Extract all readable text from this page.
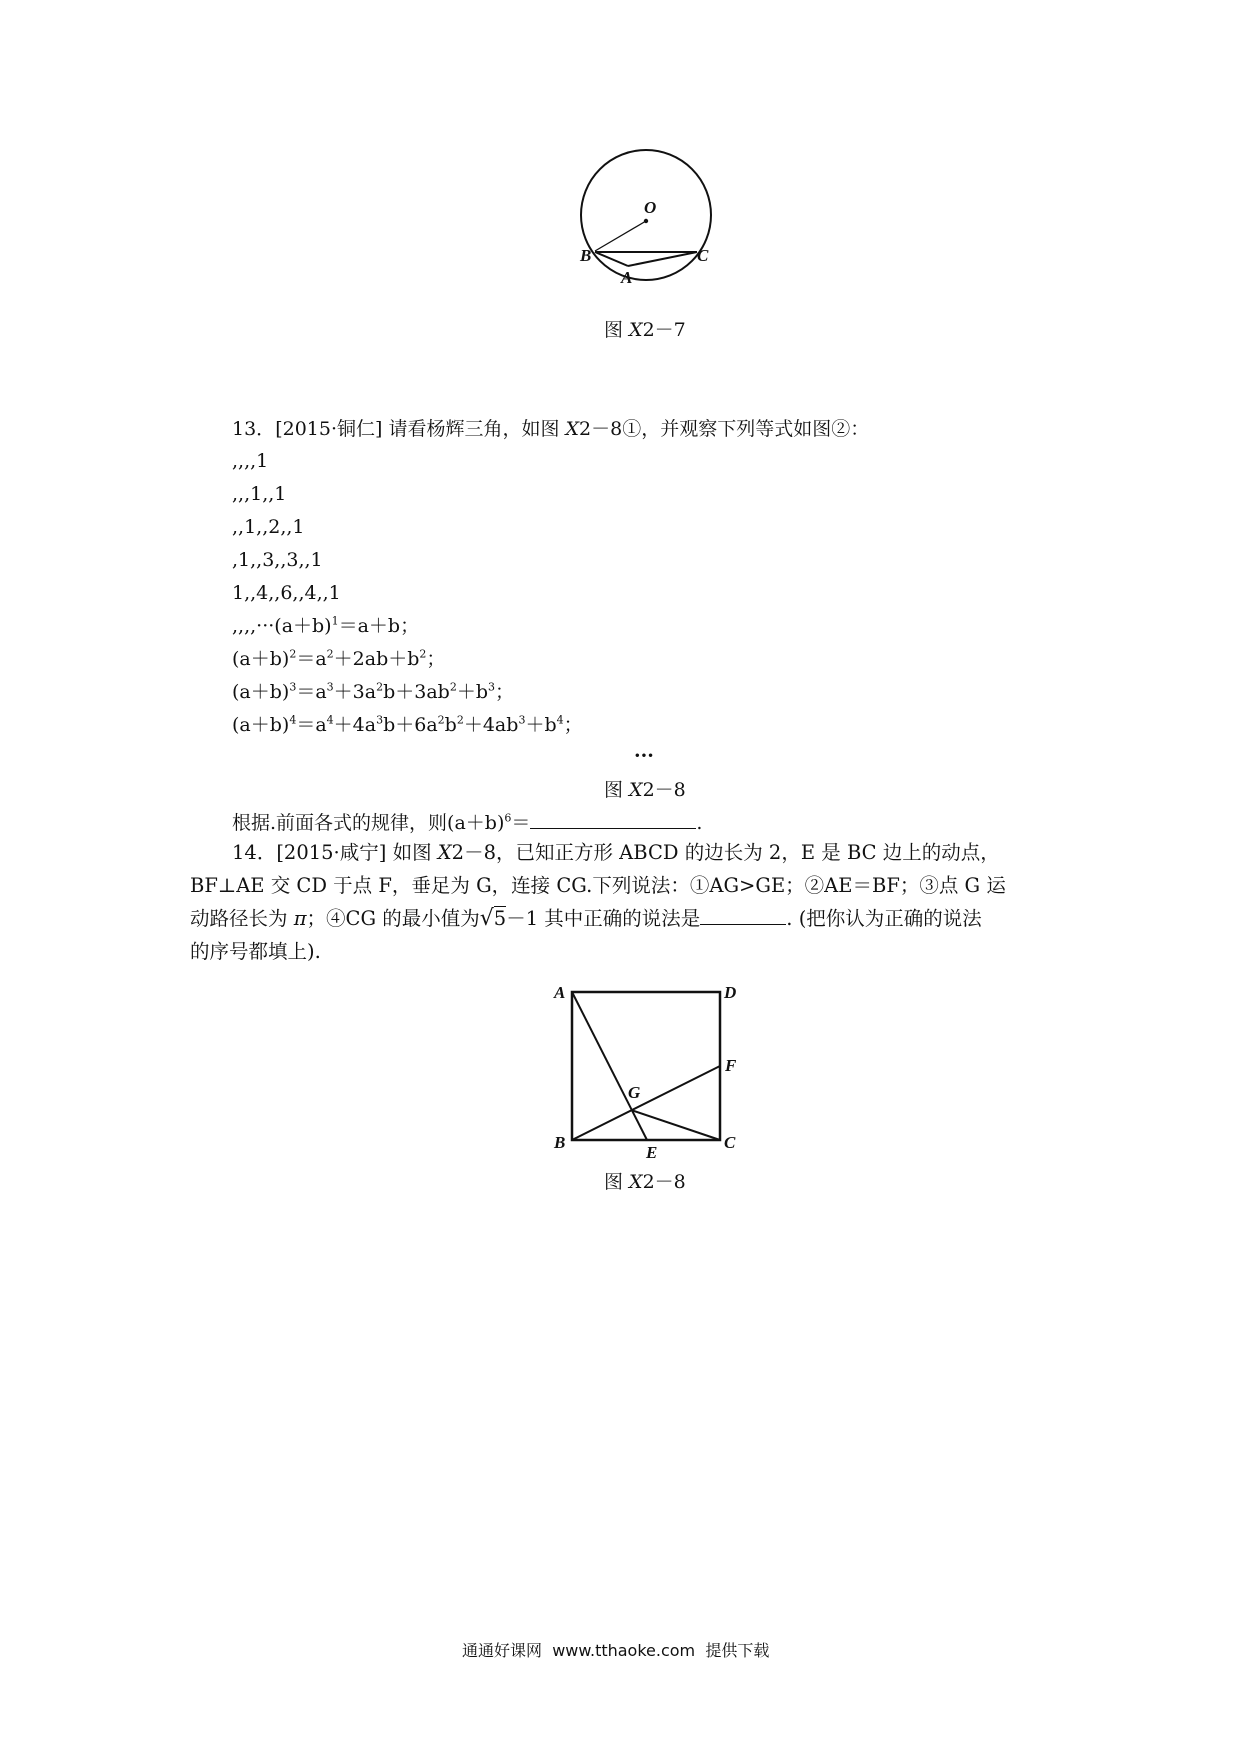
O
B	C
A
图 X2－7
13．[2015·铜仁] 请看杨辉三角，如图 X2－8①，并观察下列等式如图②：
,,,,1
,,,1,,1
,,1,,2,,1
,1,,3,,3,,1
1,,4,,6,,4,,1
$,,,,\cdot\cdot\cdot(a+b)^1=a+b$；
$(a+b)^2=a^2+2ab+b^2$；
$(a+b)^3=a^3+3a^2b+3ab^2+b^3$；
$(a+b)^4=a^4+4a^3b+6a^2b^2+4ab^3+b^4$；
···
图 X2－8
根据.前面各式的规律，则$(a+b)^6=$	.
14．[2015·咸宁] 如图 X2－8，已知正方形 ABCD 的边长为 2，E 是 BC 边上的动点，
BF⊥AE 交 CD 于点 F，垂足为 G，连接 CG.下列说法：①AG>GE；②AE＝BF；③点 G 运
动路径长为 π；④CG 的最小值为√5－1 其中正确的说法是	. (把你认为正确的说法
的序号都填上).
A	D
F
G
B
E
C
图 X2－8
通通好课网 www.tthaoke.com 提供下载
